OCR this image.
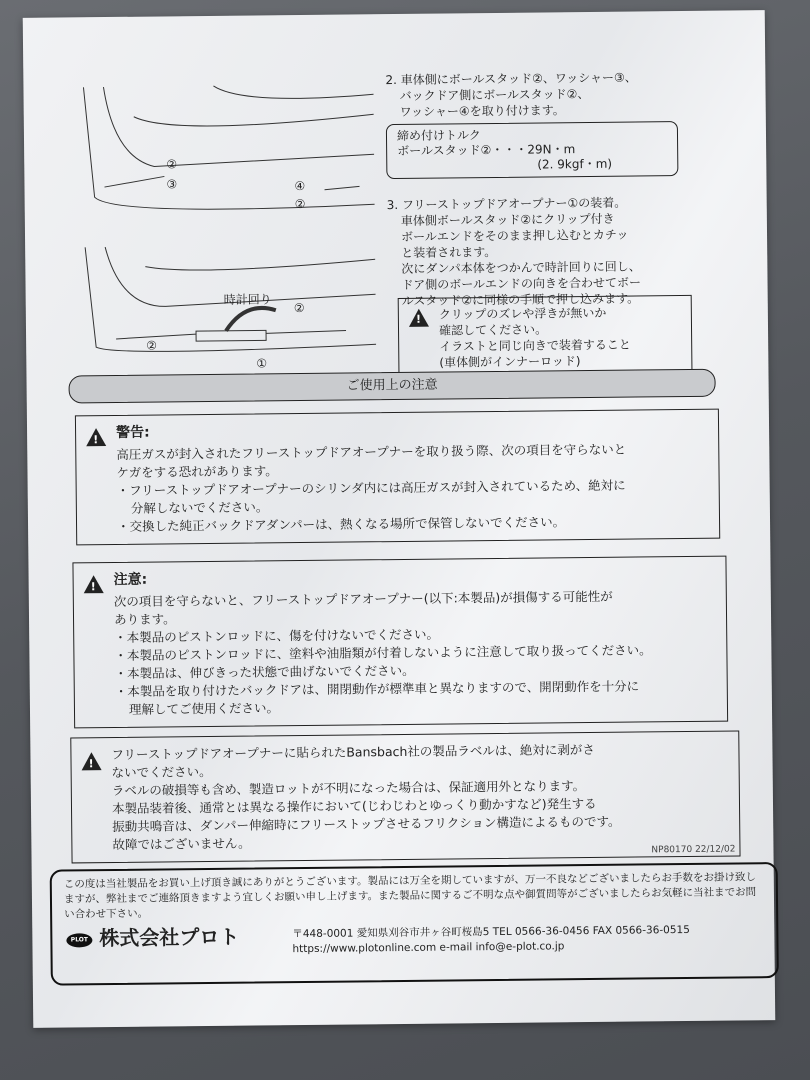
②
③	④
②
時計回り
②
②
①
2. 車体側にボールスタッド②、ワッシャー③、
バックドア側にボールスタッド②、
ワッシャー④を取り付けます。
締め付けトルク
ボールスタッド②・・・29N・m
(2. 9kgf・m)
3. フリーストップドアオープナー①の装着。
車体側ボールスタッド②にクリップ付き
ボールエンドをそのまま押し込むとカチッ
と装着されます。
次にダンパ本体をつかんで時計回りに回し、
ドア側のボールエンドの向きを合わせてボー
ルスタッド②に同様の手順で押し込みます。
!
クリップのズレや浮きが無いか
確認してください。
イラストと同じ向きで装着すること
(車体側がインナーロッド)
ご使用上の注意
!
警告:
高圧ガスが封入されたフリーストップドアオープナーを取り扱う際、次の項目を守らないと
ケガをする恐れがあります。
・フリーストップドアオープナーのシリンダ内には高圧ガスが封入されているため、絶対に
分解しないでください。
・交換した純正バックドアダンパーは、熱くなる場所で保管しないでください。
!
注意:
次の項目を守らないと、フリーストップドアオープナー(以下:本製品)が損傷する可能性が
あります。
・本製品のピストンロッドに、傷を付けないでください。
・本製品のピストンロッドに、塗料や油脂類が付着しないように注意して取り扱ってください。
・本製品は、伸びきった状態で曲げないでください。
・本製品を取り付けたバックドアは、開閉動作が標準車と異なりますので、開閉動作を十分に
理解してご使用ください。
!
フリーストップドアオープナーに貼られたBansbach社の製品ラベルは、絶対に剥がさ
ないでください。
ラベルの破損等も含め、製造ロットが不明になった場合は、保証適用外となります。
本製品装着後、通常とは異なる操作において(じわじわとゆっくり動かすなど)発生する
振動共鳴音は、ダンパー伸縮時にフリーストップさせるフリクション構造によるものです。
故障ではございません。	NP80170 22/12/02
この度は当社製品をお買い上げ頂き誠にありがとうございます。製品には万全を期していますが、万一不良などございましたらお手数をお掛け致しますが、弊社までご連絡頂きますよう宜しくお願い申し上げます。また製品に関するご不明な点や御質問等がございましたらお気軽に当社までお問い合わせ下さい。
PLOT 株式会社プロト	〒448-0001 愛知県刈谷市井ヶ谷町桜島5 TEL 0566-36-0456 FAX 0566-36-0515
https://www.plotonline.com e-mail info@e-plot.co.jp
